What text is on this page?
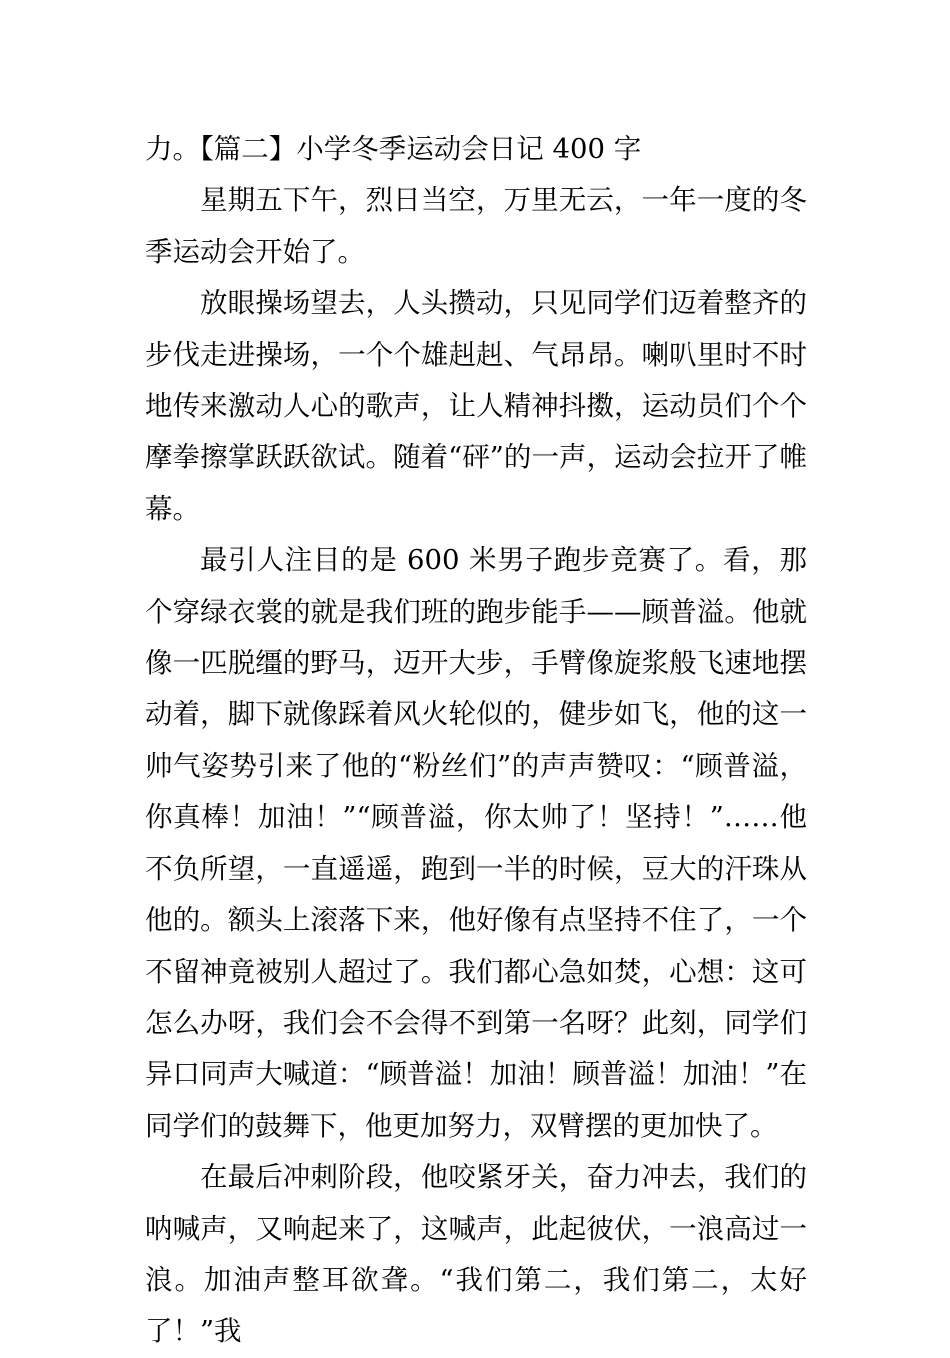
力。【篇二】小学冬季运动会日记 400 字

星期五下午，烈日当空，万里无云，一年一度的冬季运动会开始了。

放眼操场望去，人头攒动，只见同学们迈着整齐的步伐走进操场，一个个雄赳赳、气昂昂。喇叭里时不时地传来激动人心的歌声，让人精神抖擞，运动员们个个摩拳擦掌跃跃欲试。随着“砰”的一声，运动会拉开了帷幕。

最引人注目的是 600 米男子跑步竞赛了。看，那个穿绿衣裳的就是我们班的跑步能手——顾普溢。他就像一匹脱缰的野马，迈开大步，手臂像旋浆般飞速地摆动着，脚下就像踩着风火轮似的，健步如飞，他的这一帅气姿势引来了他的“粉丝们”的声声赞叹：“顾普溢，你真棒！加油！”“顾普溢，你太帅了！坚持！”……他不负所望，一直遥遥，跑到一半的时候，豆大的汗珠从他的。额头上滚落下来，他好像有点坚持不住了，一个不留神竟被别人超过了。我们都心急如焚，心想：这可怎么办呀，我们会不会得不到第一名呀？此刻，同学们异口同声大喊道：“顾普溢！加油！顾普溢！加油！”在同学们的鼓舞下，他更加努力，双臂摆的更加快了。

在最后冲刺阶段，他咬紧牙关，奋力冲去，我们的呐喊声，又响起来了，这喊声，此起彼伏，一浪高过一浪。加油声整耳欲聋。“我们第二，我们第二，太好了！”我
